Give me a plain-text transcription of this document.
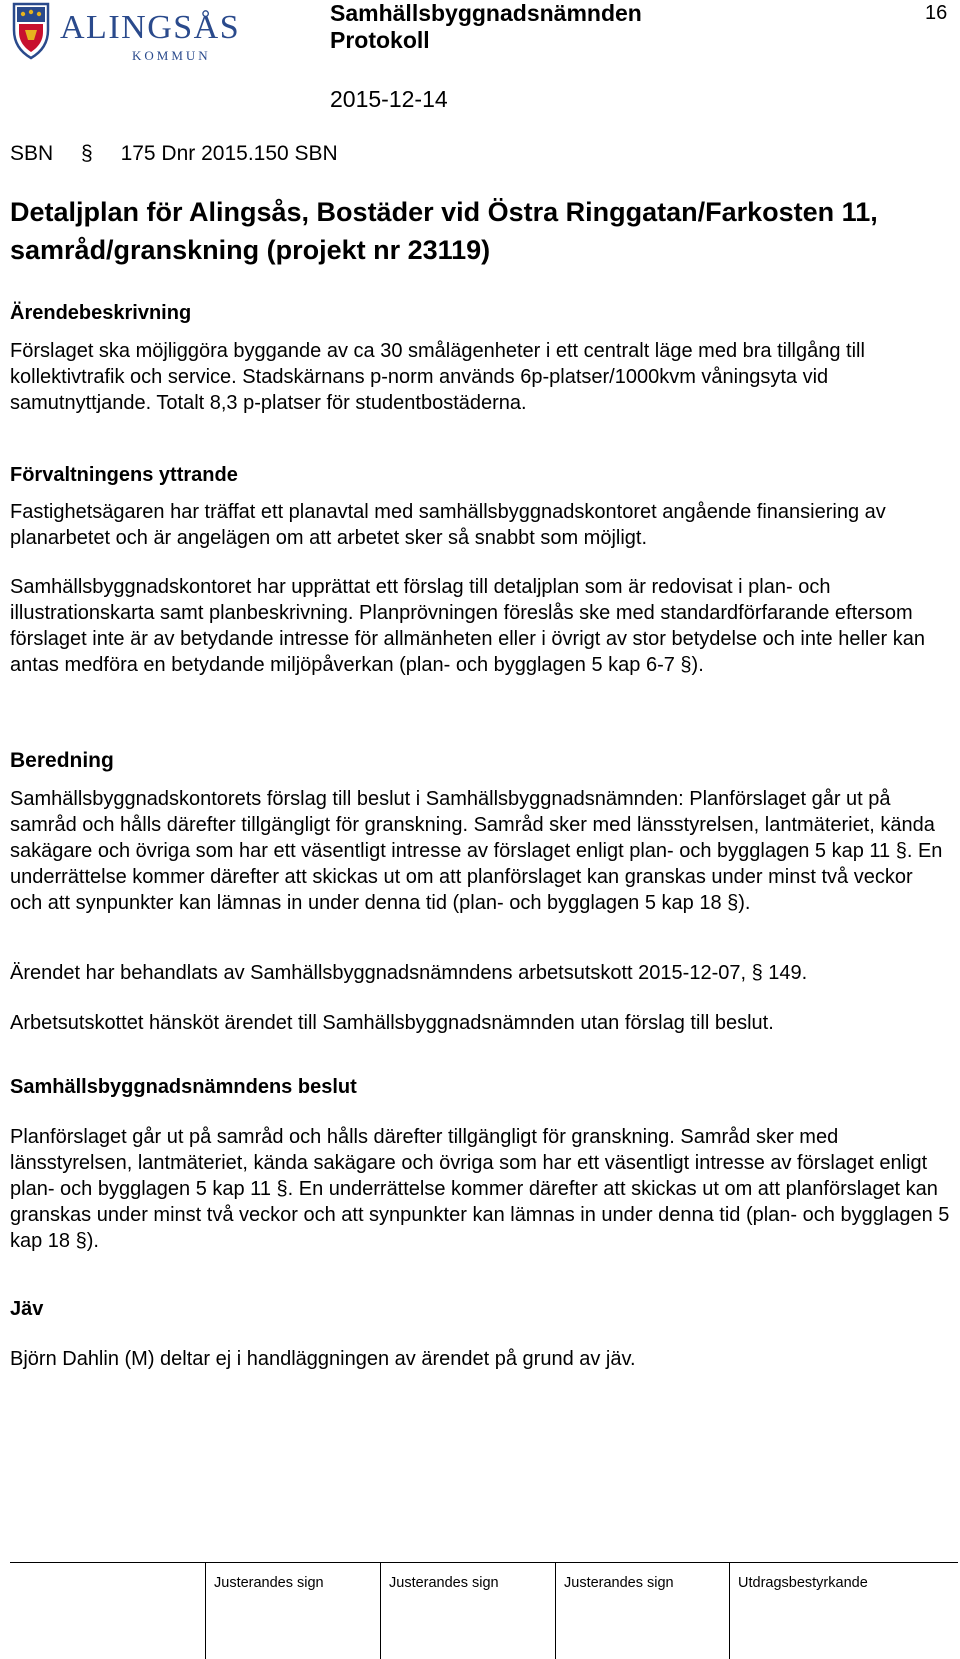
ALINGSÅS
KOMMUN
Samhällsbyggnadsnämnden
Protokoll
16
2015-12-14
SBN § 175 Dnr 2015.150 SBN
Detaljplan för Alingsås, Bostäder vid Östra Ringgatan/Farkosten 11, samråd/granskning (projekt nr 23119)
Ärendebeskrivning

Förslaget ska möjliggöra byggande av ca 30 smålägenheter i ett centralt läge med bra tillgång till kollektivtrafik och service. Stadskärnans p-norm används 6p-platser/1000kvm våningsyta vid samutnyttjande. Totalt 8,3 p-platser för studentbostäderna.

Förvaltningens yttrande

Fastighetsägaren har träffat ett planavtal med samhällsbyggnadskontoret angående finansiering av planarbetet och är angelägen om att arbetet sker så snabbt som möjligt.

Samhällsbyggnadskontoret har upprättat ett förslag till detaljplan som är redovisat i plan- och illustrationskarta samt planbeskrivning. Planprövningen föreslås ske med standardförfarande eftersom förslaget inte är av betydande intresse för allmänheten eller i övrigt av stor betydelse och inte heller kan antas medföra en betydande miljöpåverkan (plan- och bygglagen 5 kap 6-7 §).

Beredning

Samhällsbyggnadskontorets förslag till beslut i Samhällsbyggnadsnämnden: Planförslaget går ut på samråd och hålls därefter tillgängligt för granskning. Samråd sker med länsstyrelsen, lantmäteriet, kända sakägare och övriga som har ett väsentligt intresse av förslaget enligt plan- och bygglagen 5 kap 11 §. En underrättelse kommer därefter att skickas ut om att planförslaget kan granskas under minst två veckor och att synpunkter kan lämnas in under denna tid (plan- och bygglagen 5 kap 18 §).

Ärendet har behandlats av Samhällsbyggnadsnämndens arbetsutskott 2015-12-07, § 149.

Arbetsutskottet hänsköt ärendet till Samhällsbyggnadsnämnden utan förslag till beslut.

Samhällsbyggnadsnämndens beslut

Planförslaget går ut på samråd och hålls därefter tillgängligt för granskning. Samråd sker med länsstyrelsen, lantmäteriet, kända sakägare och övriga som har ett väsentligt intresse av förslaget enligt plan- och bygglagen 5 kap 11 §. En underrättelse kommer därefter att skickas ut om att planförslaget kan granskas under minst två veckor och att synpunkter kan lämnas in under denna tid (plan- och bygglagen 5 kap 18 §).

Jäv

Björn Dahlin (M) deltar ej i handläggningen av ärendet på grund av jäv.

Justerandes sign	Justerandes sign	Justerandes sign	Utdragsbestyrkande
